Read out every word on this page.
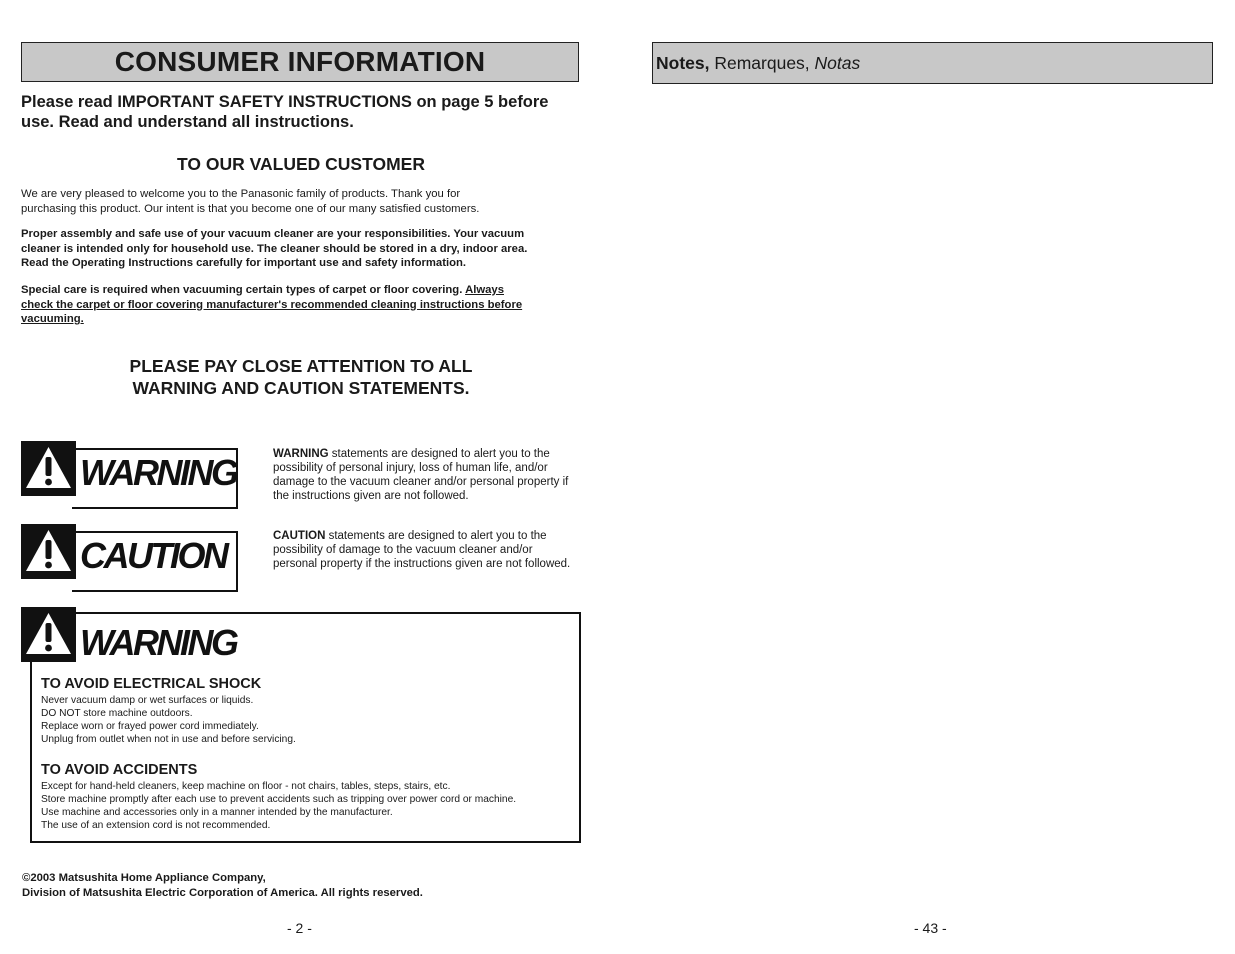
CONSUMER INFORMATION
Please read IMPORTANT SAFETY INSTRUCTIONS on page 5 before use. Read and understand all instructions.
TO OUR VALUED CUSTOMER
We are very pleased to welcome you to the Panasonic family of products. Thank you for
purchasing this product. Our intent is that you become one of our many satisfied customers.
Proper assembly and safe use of your vacuum cleaner are your responsibilities. Your vacuum
cleaner is intended only for household use. The cleaner should be stored in a dry, indoor area.
Read the Operating Instructions carefully for important use and safety information.
Special care is required when vacuuming certain types of carpet or floor covering. Always
check the carpet or floor covering manufacturer's recommended cleaning instructions before
vacuuming.
PLEASE PAY CLOSE ATTENTION TO ALL
WARNING AND CAUTION STATEMENTS.
WARNING	WARNING statements are designed to alert you to the possibility of personal injury, loss of human life, and/or damage to the vacuum cleaner and/or personal property if the instructions given are not followed.
CAUTION	CAUTION statements are designed to alert you to the possibility of damage to the vacuum cleaner and/or personal property if the instructions given are not followed.
WARNING
TO AVOID ELECTRICAL SHOCK
Never vacuum damp or wet surfaces or liquids.
DO NOT store machine outdoors.
Replace worn or frayed power cord immediately.
Unplug from outlet when not in use and before servicing.
TO AVOID ACCIDENTS
Except for hand-held cleaners, keep machine on floor - not chairs, tables, steps, stairs, etc.
Store machine promptly after each use to prevent accidents such as tripping over power cord or machine.
Use machine and accessories only in a manner intended by the manufacturer.
The use of an extension cord is not recommended.
©2003 Matsushita Home Appliance Company,
Division of Matsushita Electric Corporation of America. All rights reserved.
- 2 -
Notes, Remarques, Notas
- 43 -
